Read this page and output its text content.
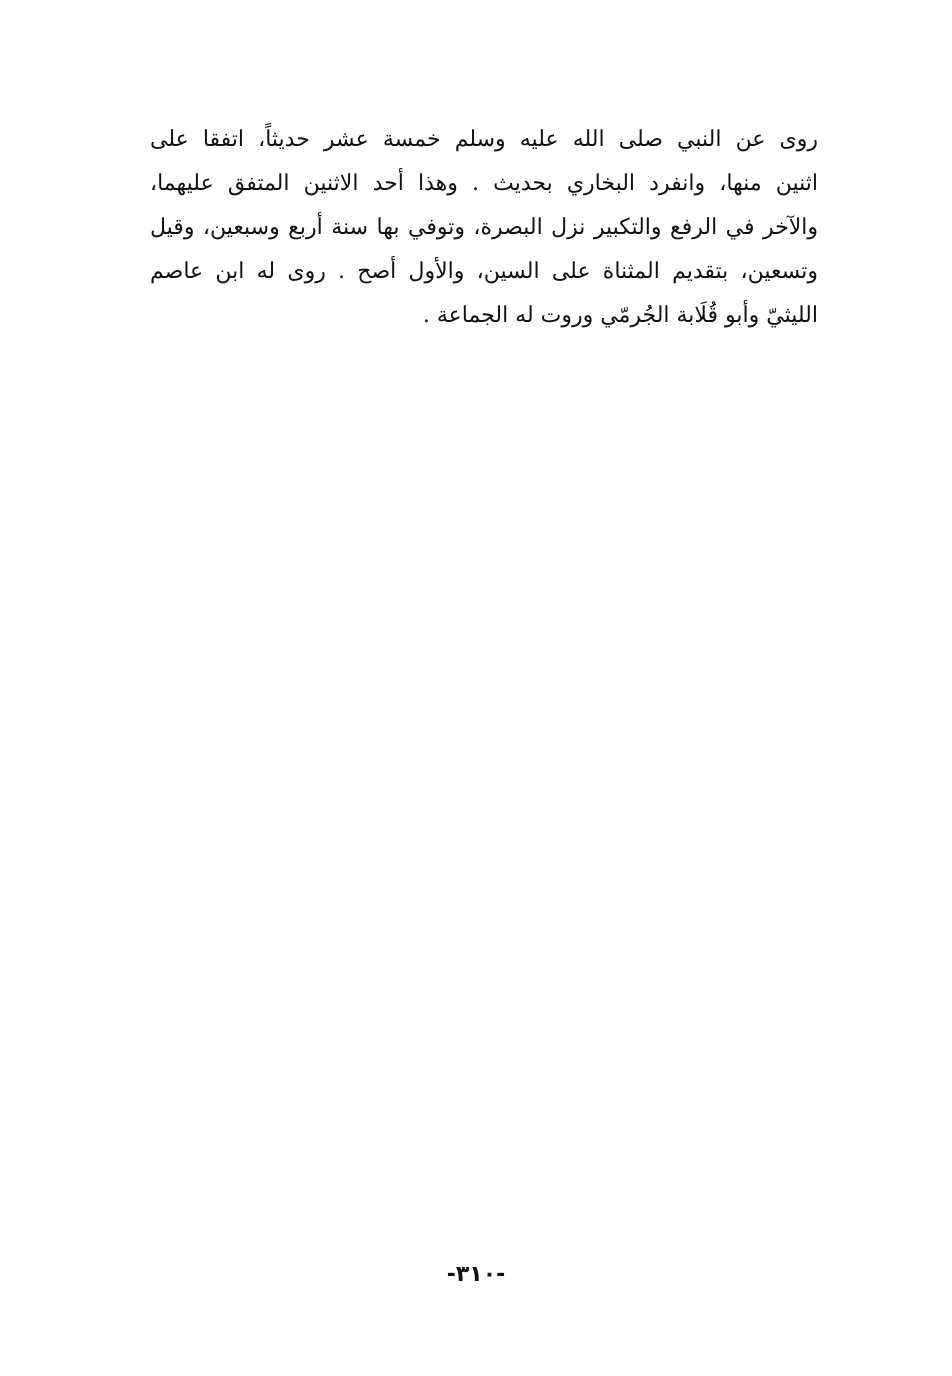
روى عن النبي صلى الله عليه وسلم خمسة عشر حديثاً، اتفقا على
اثنين منها، وانفرد البخاري بحديث . وهذا أحد الاثنين المتفق عليهما،
والآخر في الرفع والتكبير نزل البصرة، وتوفي بها سنة أربع وسبعين، وقيل
وتسعين، بتقديم المثناة على السين، والأول أصح . روى له ابن عاصم
الليثيّ وأبو قُلَابة الجُرمّي وروت له الجماعة .
-٣١٠-
